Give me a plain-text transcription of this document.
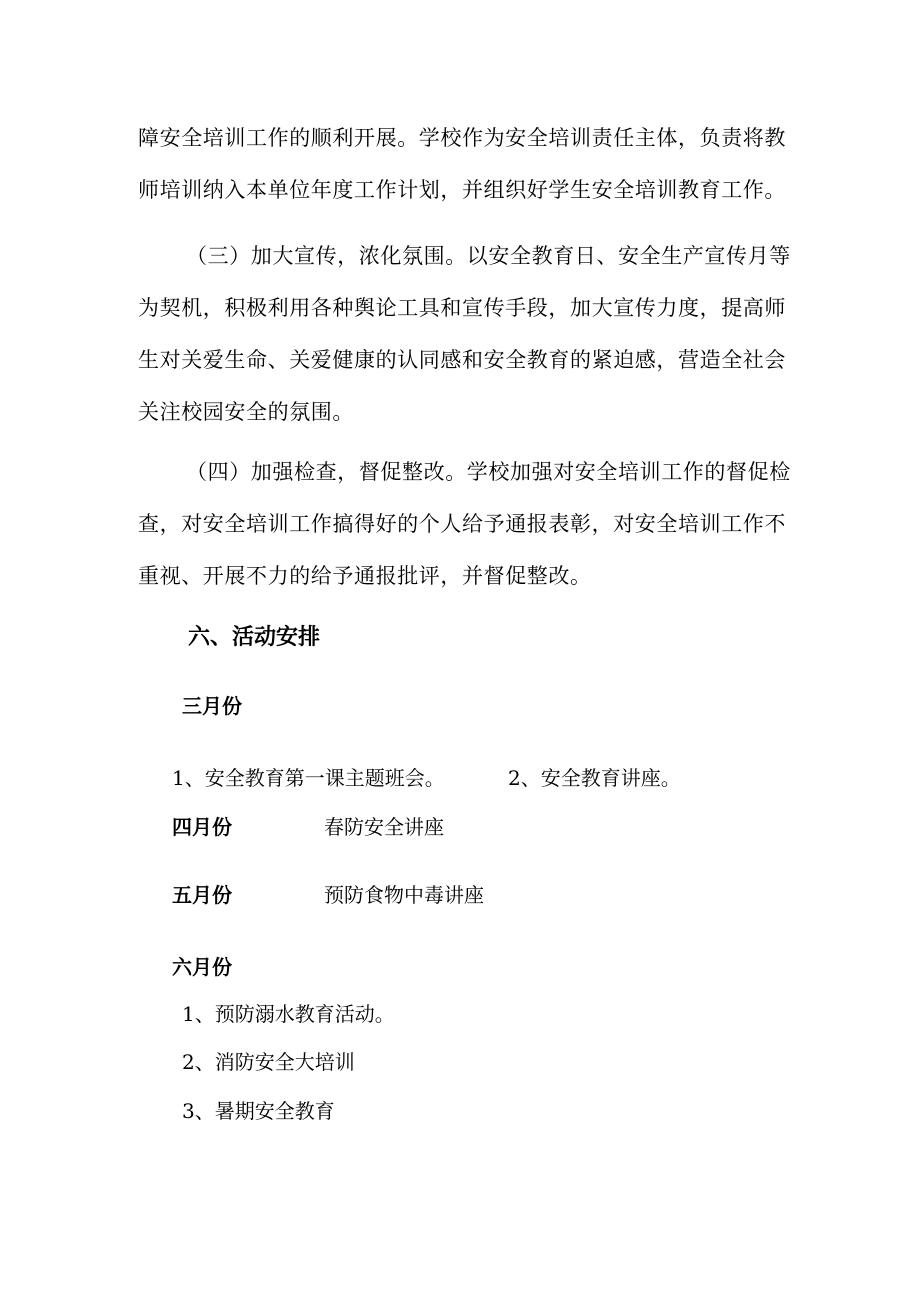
障安全培训工作的顺利开展。学校作为安全培训责任主体，负责将教
师培训纳入本单位年度工作计划，并组织好学生安全培训教育工作。
（三）加大宣传，浓化氛围。以安全教育日、安全生产宣传月等
为契机，积极利用各种舆论工具和宣传手段，加大宣传力度，提高师
生对关爱生命、关爱健康的认同感和安全教育的紧迫感，营造全社会
关注校园安全的氛围。
（四）加强检查，督促整改。学校加强对安全培训工作的督促检
查，对安全培训工作搞得好的个人给予通报表彰，对安全培训工作不
重视、开展不力的给予通报批评，并督促整改。
六、活动安排
三月份
1、安全教育第一课主题班会。	2、安全教育讲座。
四月份	春防安全讲座
五月份	预防食物中毒讲座
六月份
1、预防溺水教育活动。
2、消防安全大培训
3、暑期安全教育
